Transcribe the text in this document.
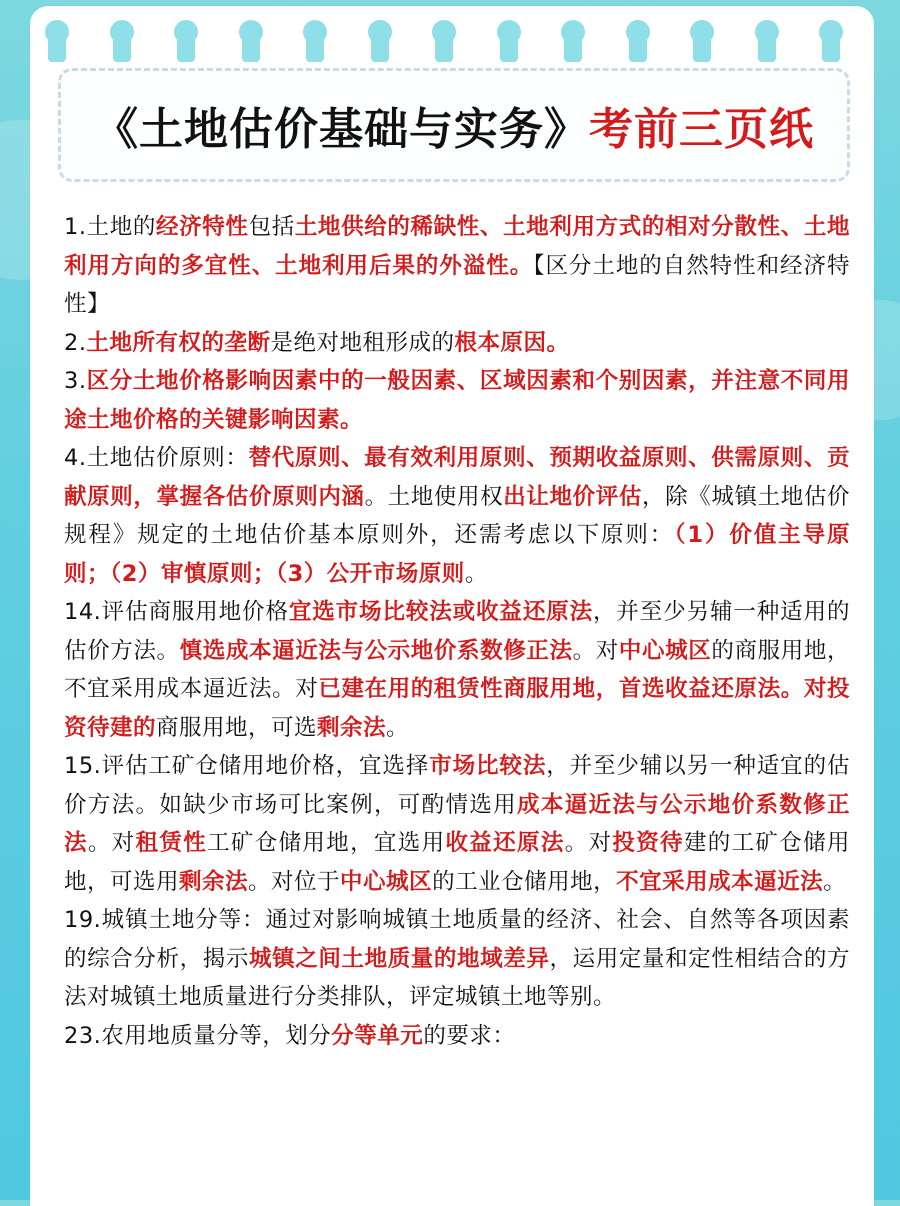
《土地估价基础与实务》考前三页纸

1.土地的经济特性包括土地供给的稀缺性、土地利用方式的相对分散性、土地利用方向的多宜性、土地利用后果的外溢性。【区分土地的自然特性和经济特性】

2.土地所有权的垄断是绝对地租形成的根本原因。

3.区分土地价格影响因素中的一般因素、区域因素和个别因素，并注意不同用途土地价格的关键影响因素。

4.土地估价原则：替代原则、最有效利用原则、预期收益原则、供需原则、贡献原则，掌握各估价原则内涵。土地使用权出让地价评估，除《城镇土地估价规程》规定的土地估价基本原则外，还需考虑以下原则：（1）价值主导原则；（2）审慎原则；（3）公开市场原则。

14.评估商服用地价格宜选市场比较法或收益还原法，并至少另辅一种适用的估价方法。慎选成本逼近法与公示地价系数修正法。对中心城区的商服用地，不宜采用成本逼近法。对已建在用的租赁性商服用地，首选收益还原法。对投资待建的商服用地，可选剩余法。

15.评估工矿仓储用地价格，宜选择市场比较法，并至少辅以另一种适宜的估价方法。如缺少市场可比案例，可酌情选用成本逼近法与公示地价系数修正法。对租赁性工矿仓储用地，宜选用收益还原法。对投资待建的工矿仓储用地，可选用剩余法。对位于中心城区的工业仓储用地，不宜采用成本逼近法。

19.城镇土地分等：通过对影响城镇土地质量的经济、社会、自然等各项因素的综合分析，揭示城镇之间土地质量的地域差异，运用定量和定性相结合的方法对城镇土地质量进行分类排队，评定城镇土地等别。

23.农用地质量分等，划分分等单元的要求：
